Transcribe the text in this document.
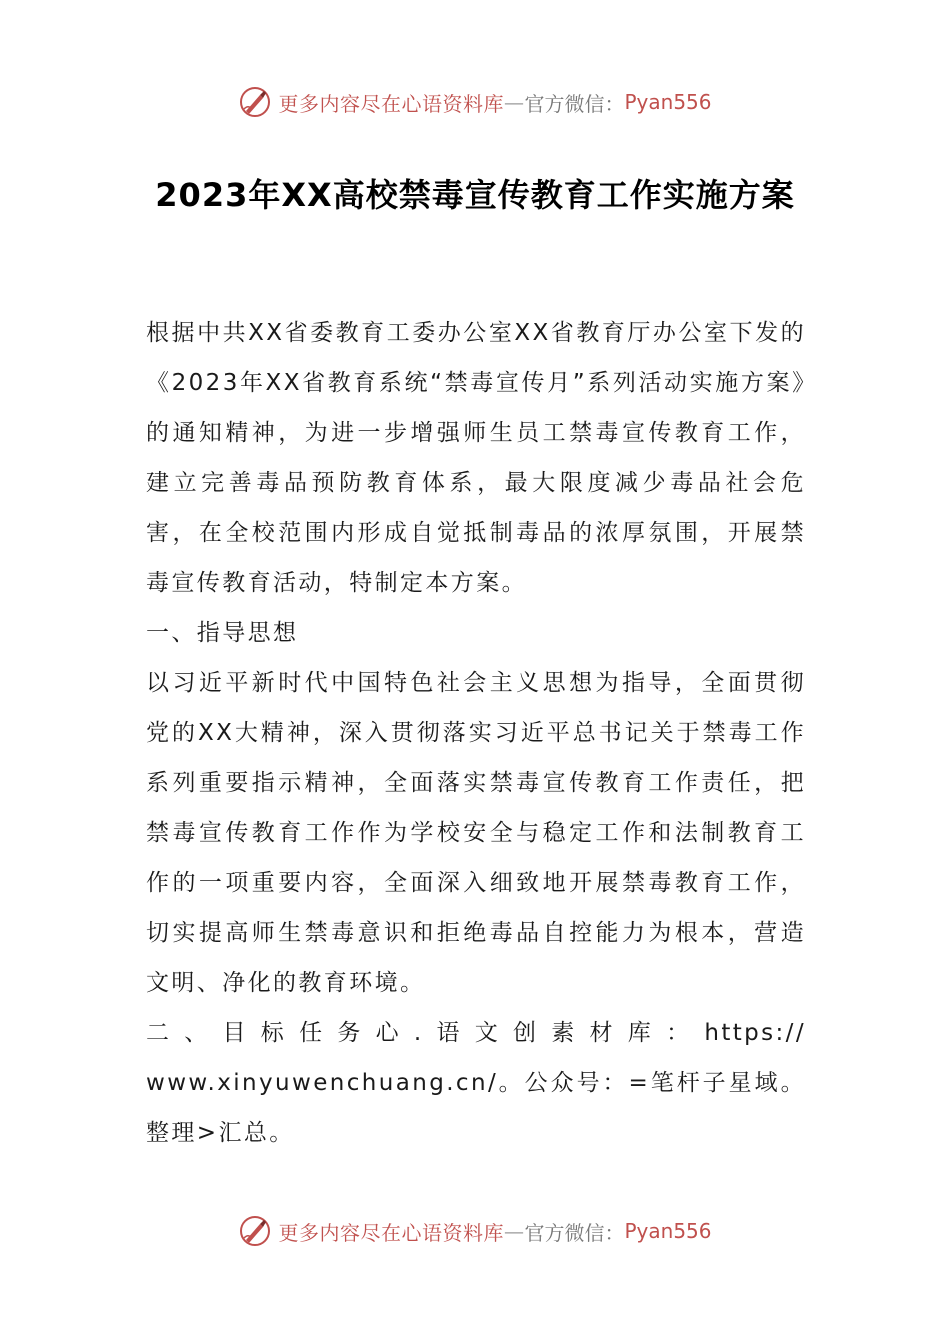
更多内容尽在心语资料库 — 官方微信： Pyan556
2023年XX高校禁毒宣传教育工作实施方案

根据中共XX省委教育工委办公室XX省教育厅办公室下发的《2023年XX省教育系统“禁毒宣传月”系列活动实施方案》的通知精神，为进一步增强师生员工禁毒宣传教育工作，建立完善毒品预防教育体系，最大限度减少毒品社会危害，在全校范围内形成自觉抵制毒品的浓厚氛围，开展禁毒宣传教育活动，特制定本方案。

一、指导思想

以习近平新时代中国特色社会主义思想为指导，全面贯彻党的XX大精神，深入贯彻落实习近平总书记关于禁毒工作系列重要指示精神，全面落实禁毒宣传教育工作责任，把禁毒宣传教育工作作为学校安全与稳定工作和法制教育工作的一项重要内容，全面深入细致地开展禁毒教育工作，切实提高师生禁毒意识和拒绝毒品自控能力为根本，营造文明、净化的教育环境。

二、目标任务心.语文创素材库：https://

www.xinyuwenchuang.cn/。公众号：=笔杆子星域。整理>汇总。

更多内容尽在心语资料库 — 官方微信： Pyan556
